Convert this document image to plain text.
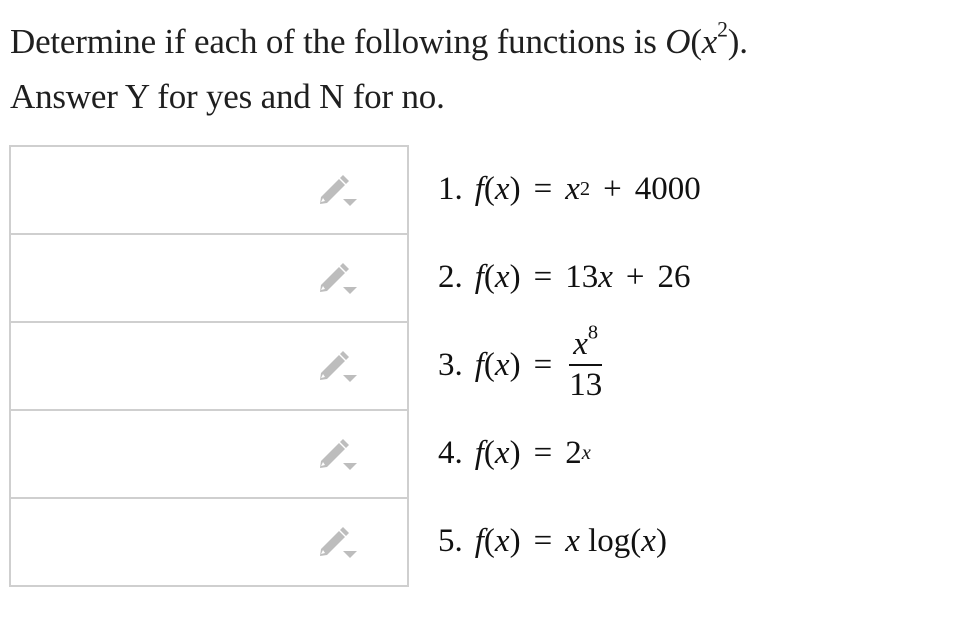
Determine if each of the following functions is $O(x^2)$.
Answer Y for yes and N for no.
1. f ( x ) = x 2 + 4000
2. f ( x ) = 13 x + 26
3. f ( x ) = $\frac{x^8}{13}$
4. f ( x ) = 2 x
5. f ( x ) = x
log ( x )
